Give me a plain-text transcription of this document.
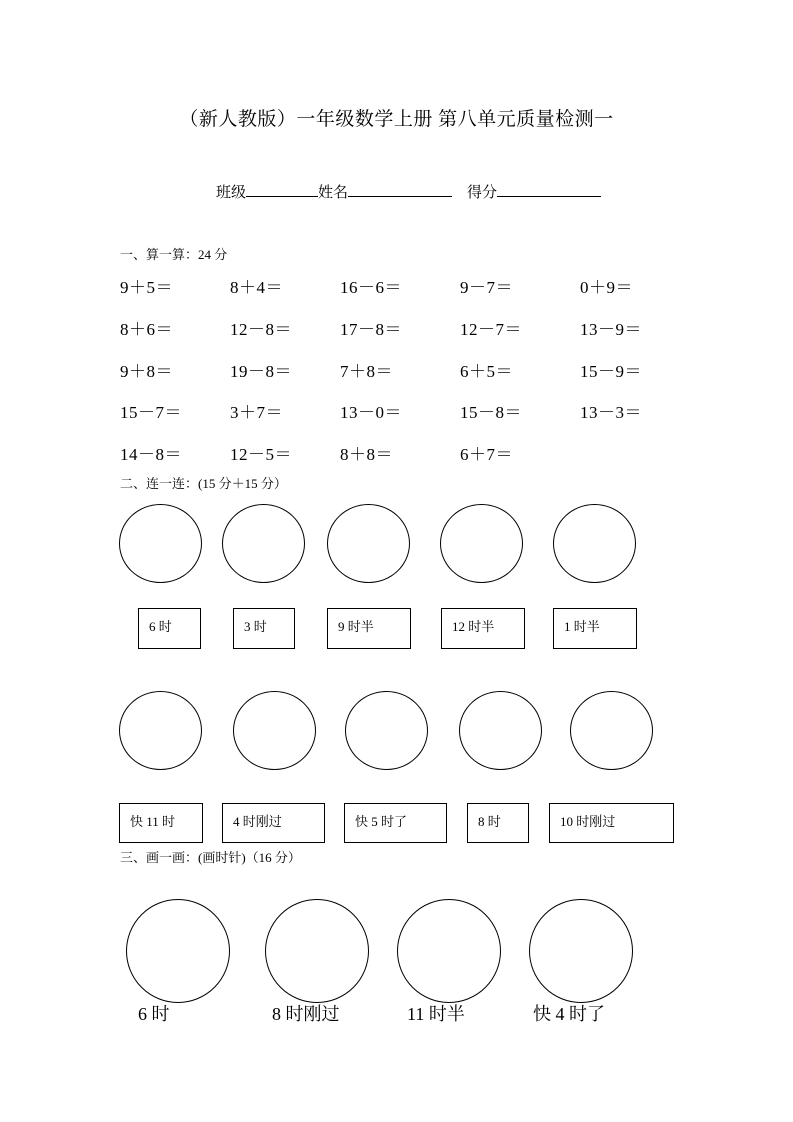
（新人教版）一年级数学上册 第八单元质量检测一
班级	姓名	得分
一、算一算：24 分
9＋5＝	8＋4＝	16－6＝	9－7＝	0＋9＝
8＋6＝	12－8＝	17－8＝	12－7＝	13－9＝
9＋8＝	19－8＝	7＋8＝	6＋5＝	15－9＝
15－7＝	3＋7＝	13－0＝	15－8＝	13－3＝
14－8＝	12－5＝	8＋8＝	6＋7＝
二、连一连：(15 分＋15 分）
6 时	3 时	9 时半	12 时半	1 时半
快 11 时	4 时刚过	快 5 时了	8 时	10 时刚过
三、画一画：(画时针)（16 分）
6 时	8 时刚过	11 时半	快 4 时了
